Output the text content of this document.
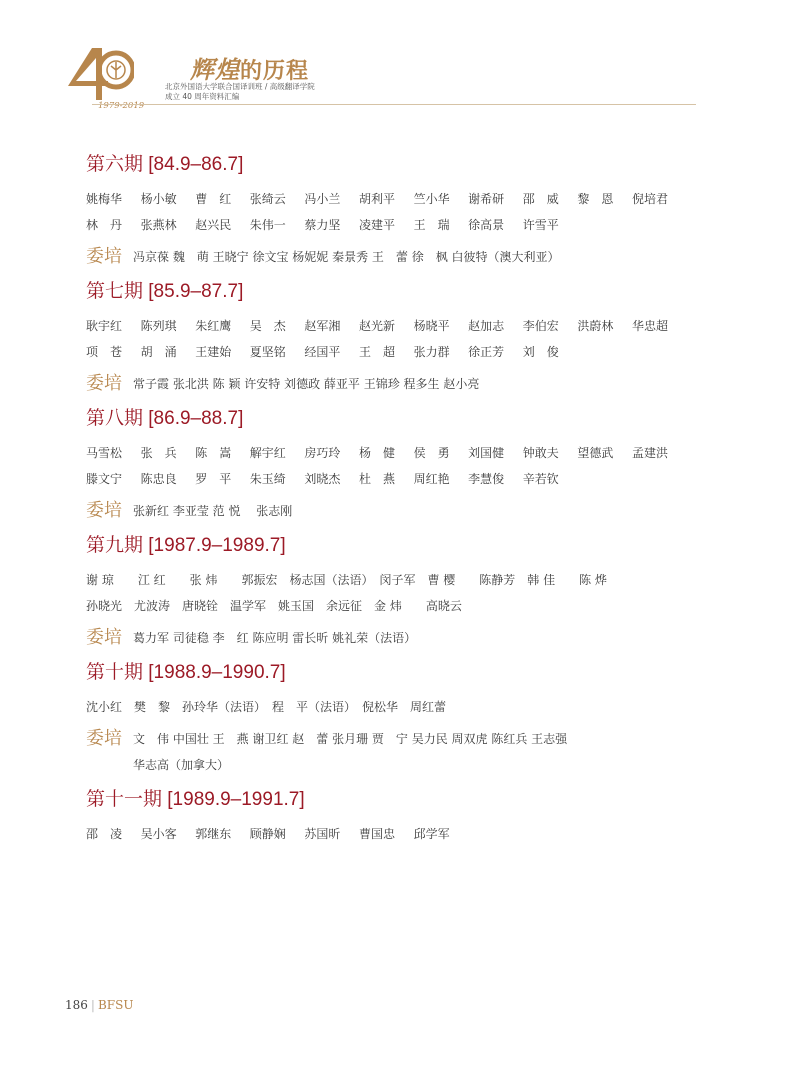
辉煌的历程
1979-2019
北京外国语大学联合国译训班 / 高级翻译学院
成立 40 周年资料汇编
第六期 [84.9–86.7]
姚梅华	杨小敏	曹　红	张绮云	冯小兰	胡利平	竺小华	谢希研	邵　威	黎　恩	倪培君
林　丹	张燕林	赵兴民	朱伟一	蔡力坚	凌建平	王　瑞	徐高景	许雪平
委培 冯京葆 魏　萌 王晓宁 徐文宝 杨妮妮 秦景秀 王　蕾 徐　枫 白彼特（澳大利亚）
第七期 [85.9–87.7]
耿宇红	陈列琪	朱红鹰	吴　杰	赵军湘	赵光新	杨晓平	赵加志	李伯宏	洪蔚林	华忠超
项　苍	胡　涌	王建始	夏坚铭	经国平	王　超	张力群	徐正芳	刘　俊
委培 常子霞 张北洪 陈 颖 许安特 刘德政 薛亚平 王锦珍 程多生 赵小亮
第八期 [86.9–88.7]
马雪松	张　兵	陈　嵩	解宇红	房巧玲	杨　健	侯　勇	刘国健	钟敢夫	望德武	孟建洪
滕文宁	陈忠良	罗　平	朱玉绮	刘晓杰	杜　燕	周红艳	李慧俊	辛若钦
委培 张新红 李亚莹 范 悦　 张志刚
第九期 [1987.9–1989.7]
谢 琼　　江 红　　张 炜　　郭振宏　杨志国（法语）　闵子军　曹 樱　　陈静芳　韩 佳　　陈 烨
孙晓光　尤波涛　唐晓铨　温学军　姚玉国　余远征　金 炜　　高晓云
委培 葛力军 司徒稳 李　红 陈应明 雷长昕 姚礼荣（法语）
第十期 [1988.9–1990.7]
沈小红　樊　黎　孙玲华（法语）　程　平（法语）　倪松华　周红蕾
委培 文　伟 中国壮 王　燕 谢卫红 赵　蕾 张月珊 贾　宁 吴力民 周双虎 陈红兵 王志强
华志高（加拿大）
第十一期 [1989.9–1991.7]
邵　凌	吴小客	郭继东	顾静娴	苏国昕	曹国忠	邱学军
186 | BFSU
